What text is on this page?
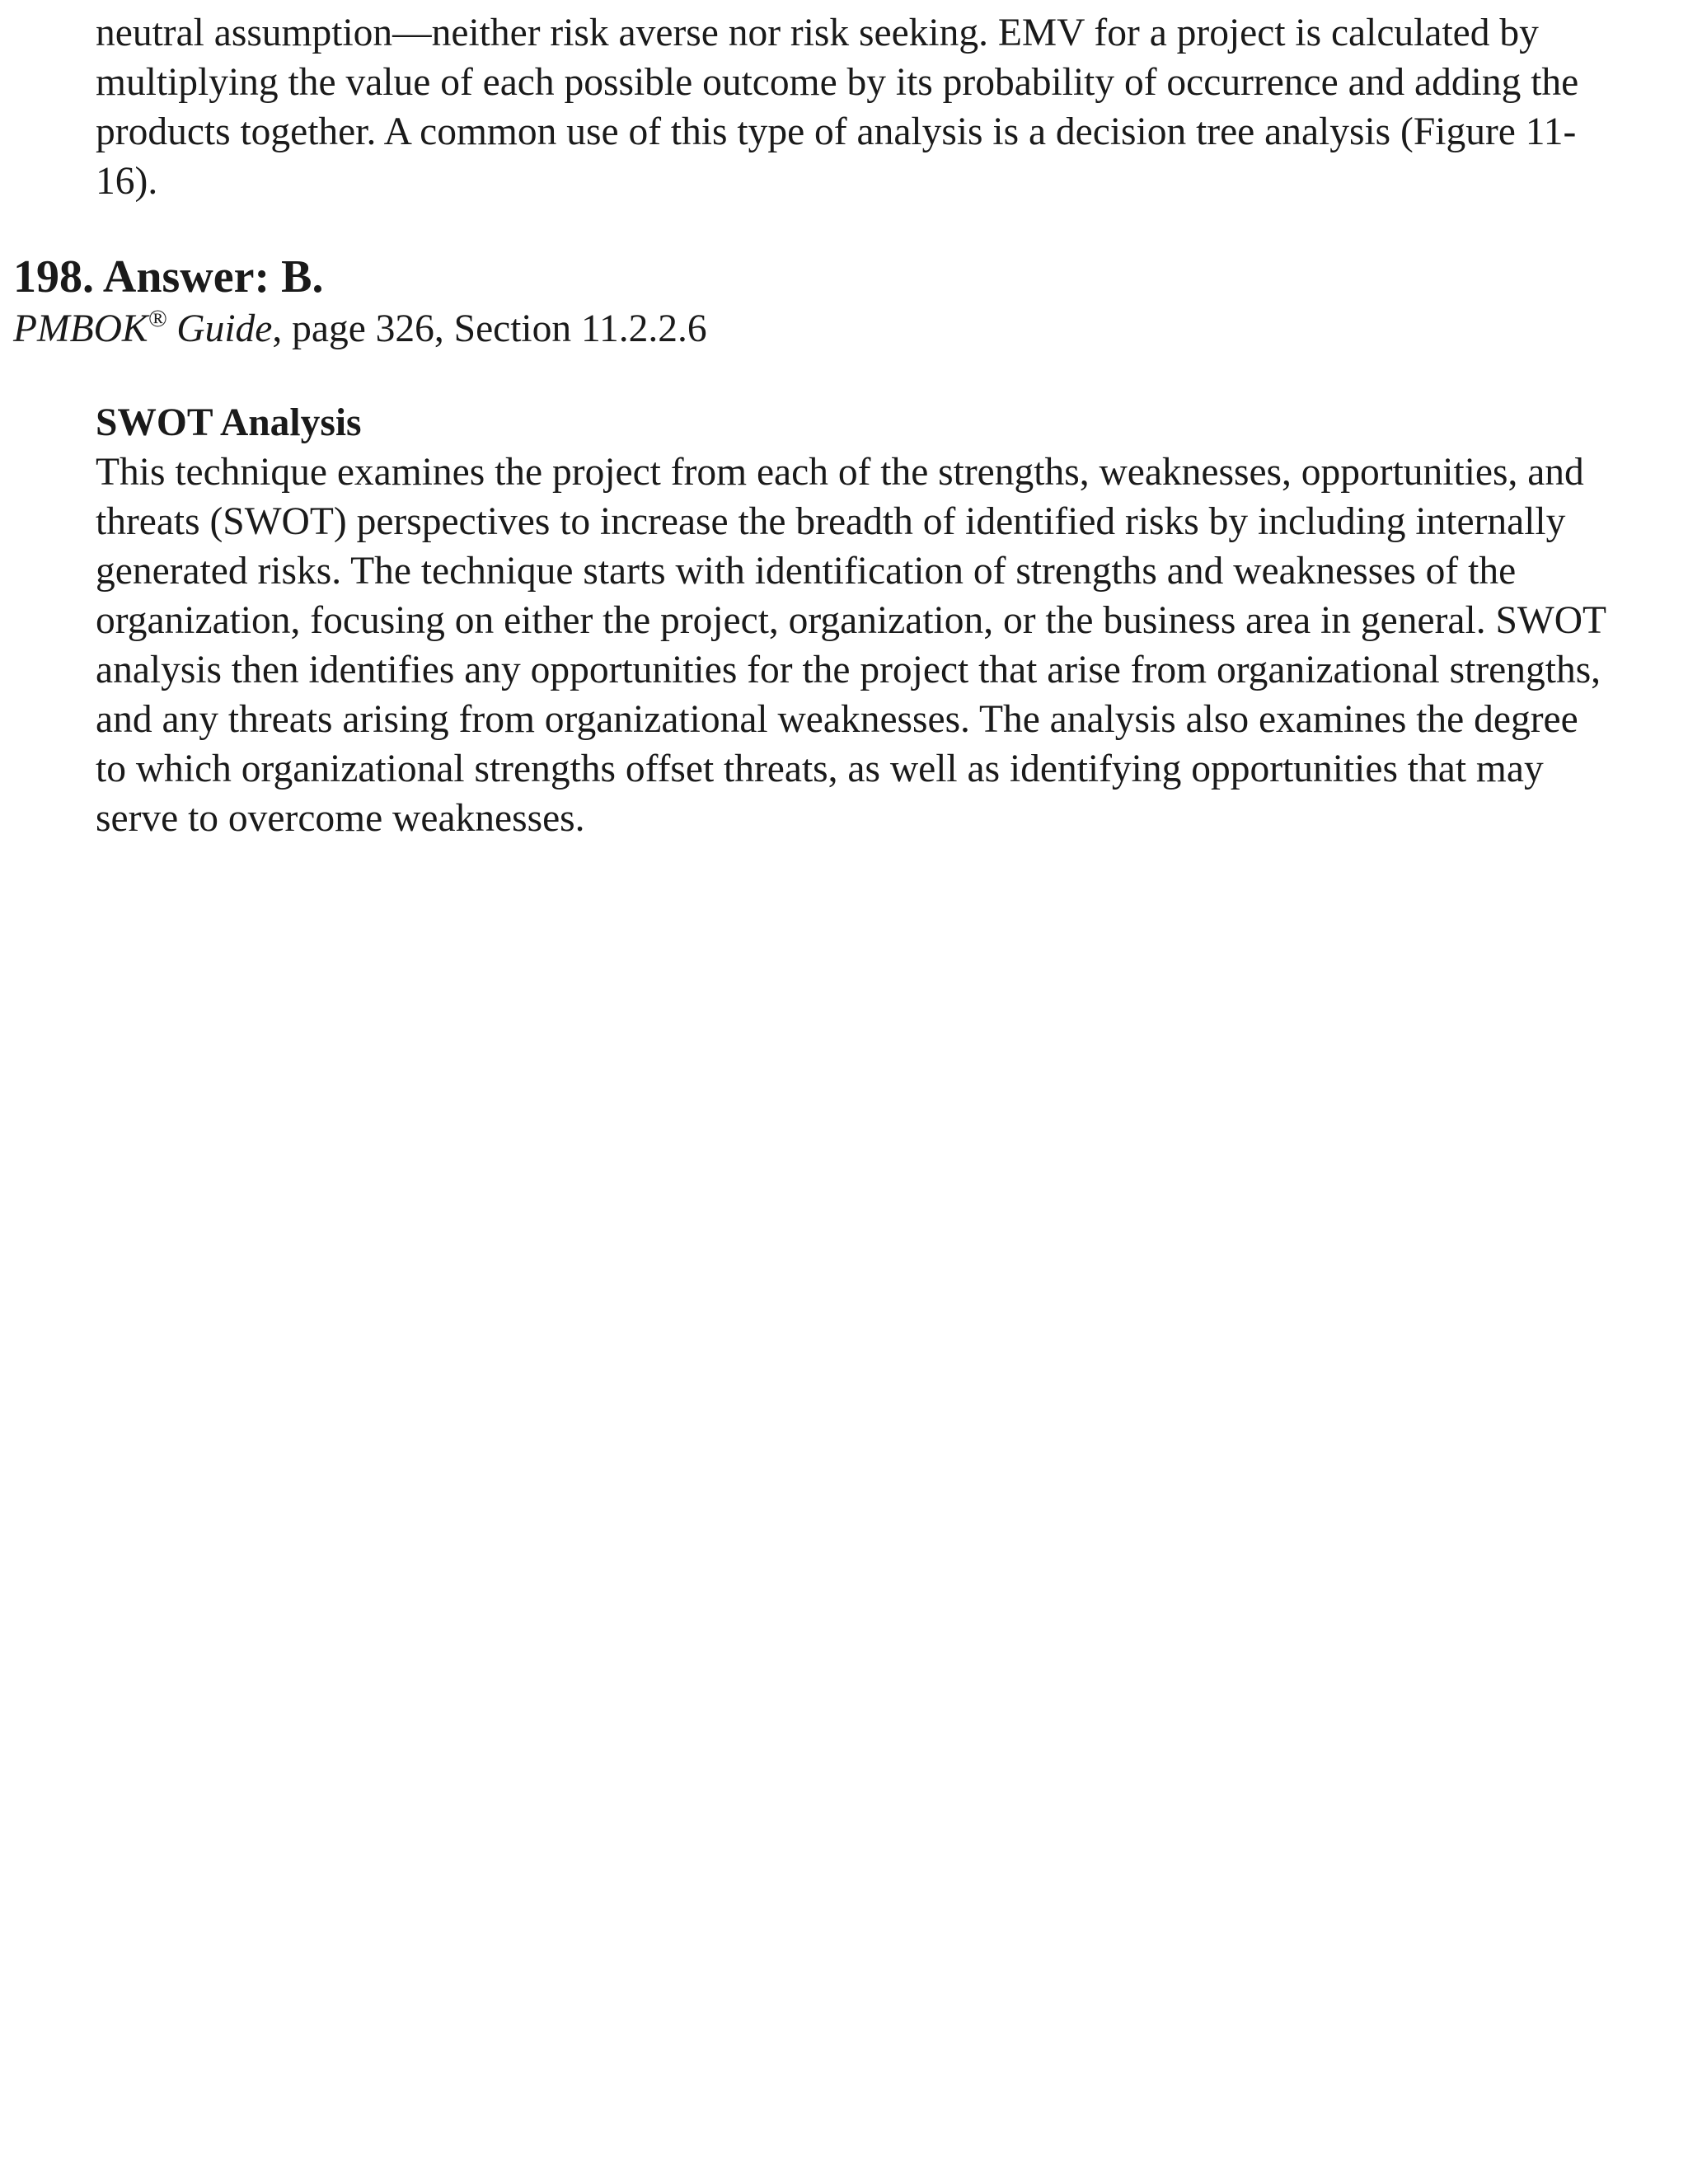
neutral assumption—neither risk averse nor risk seeking. EMV for a project is calculated by
multiplying the value of each possible outcome by its probability of occurrence and adding the
products together. A common use of this type of analysis is a decision tree analysis (Figure 11-
16).

198. Answer: B.

PMBOK® Guide, page 326, Section 11.2.2.6

SWOT Analysis

This technique examines the project from each of the strengths, weaknesses, opportunities, and
threats (SWOT) perspectives to increase the breadth of identified risks by including internally
generated risks. The technique starts with identification of strengths and weaknesses of the
organization, focusing on either the project, organization, or the business area in general. SWOT
analysis then identifies any opportunities for the project that arise from organizational strengths,
and any threats arising from organizational weaknesses. The analysis also examines the degree
to which organizational strengths offset threats, as well as identifying opportunities that may
serve to overcome weaknesses.
